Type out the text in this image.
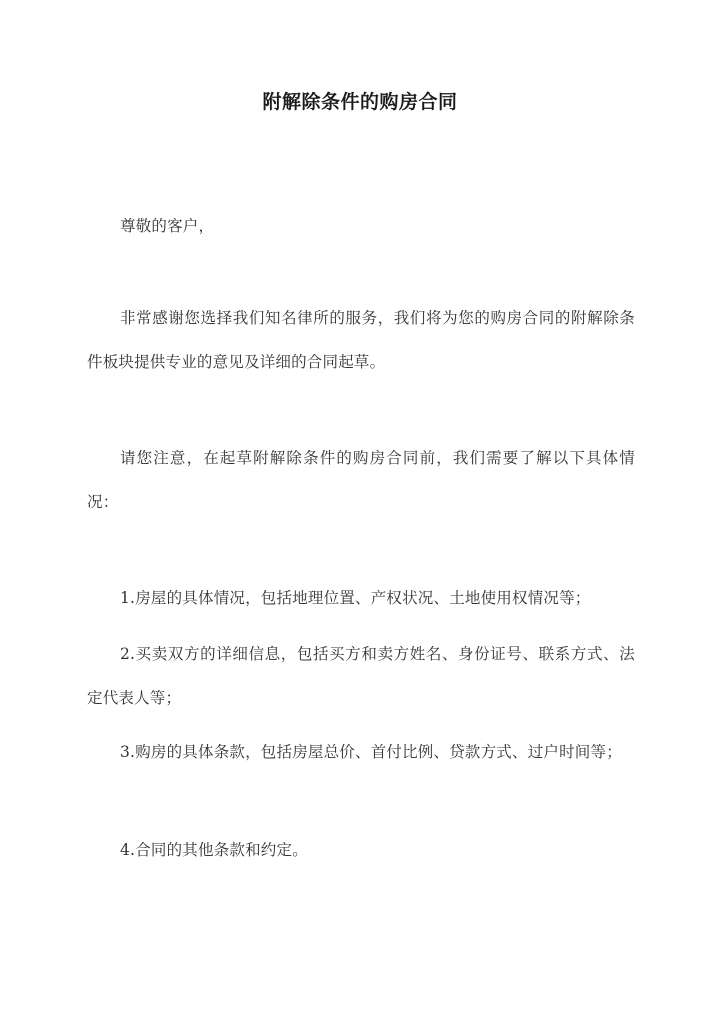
附解除条件的购房合同

尊敬的客户，

非常感谢您选择我们知名律所的服务，我们将为您的购房合同的附解除条件板块提供专业的意见及详细的合同起草。

请您注意，在起草附解除条件的购房合同前，我们需要了解以下具体情况：

1.房屋的具体情况，包括地理位置、产权状况、土地使用权情况等；

2.买卖双方的详细信息，包括买方和卖方姓名、身份证号、联系方式、法定代表人等；

3.购房的具体条款，包括房屋总价、首付比例、贷款方式、过户时间等；

4.合同的其他条款和约定。
